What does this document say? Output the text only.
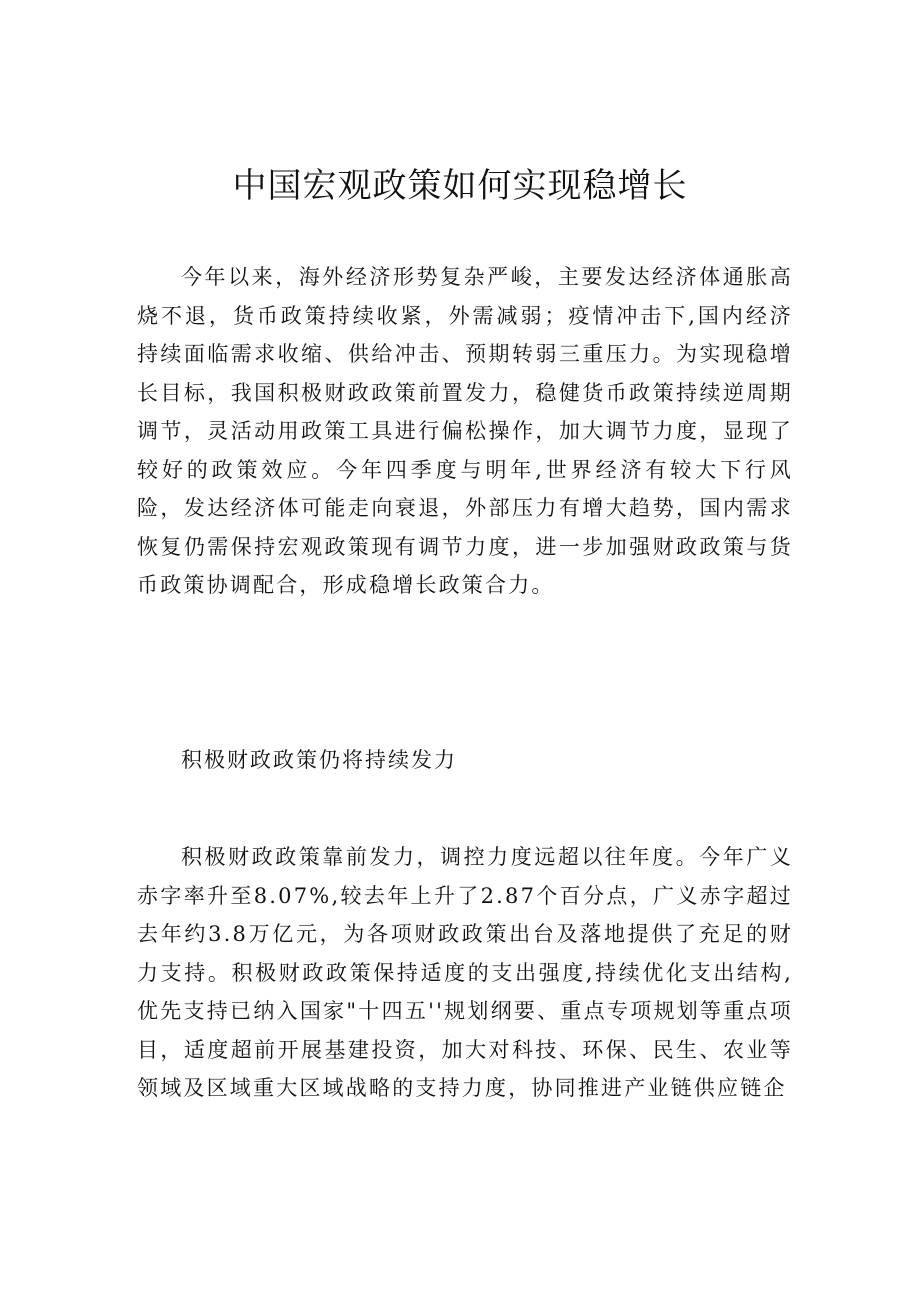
中国宏观政策如何实现稳增长

今年以来，海外经济形势复杂严峻，主要发达经济体通胀高烧不退，货币政策持续收紧，外需减弱；疫情冲击下,国内经济持续面临需求收缩、供给冲击、预期转弱三重压力。为实现稳增长目标，我国积极财政政策前置发力，稳健货币政策持续逆周期调节，灵活动用政策工具进行偏松操作，加大调节力度，显现了较好的政策效应。今年四季度与明年,世界经济有较大下行风险，发达经济体可能走向衰退，外部压力有增大趋势，国内需求恢复仍需保持宏观政策现有调节力度，进一步加强财政政策与货币政策协调配合，形成稳增长政策合力。

积极财政政策仍将持续发力

积极财政政策靠前发力，调控力度远超以往年度。今年广义赤字率升至8.07%,较去年上升了2.87个百分点，广义赤字超过去年约3.8万亿元，为各项财政政策出台及落地提供了充足的财力支持。积极财政政策保持适度的支出强度,持续优化支出结构,优先支持已纳入国家"十四五''规划纲要、重点专项规划等重点项目，适度超前开展基建投资，加大对科技、环保、民生、农业等领域及区域重大区域战略的支持力度，协同推进产业链供应链企
